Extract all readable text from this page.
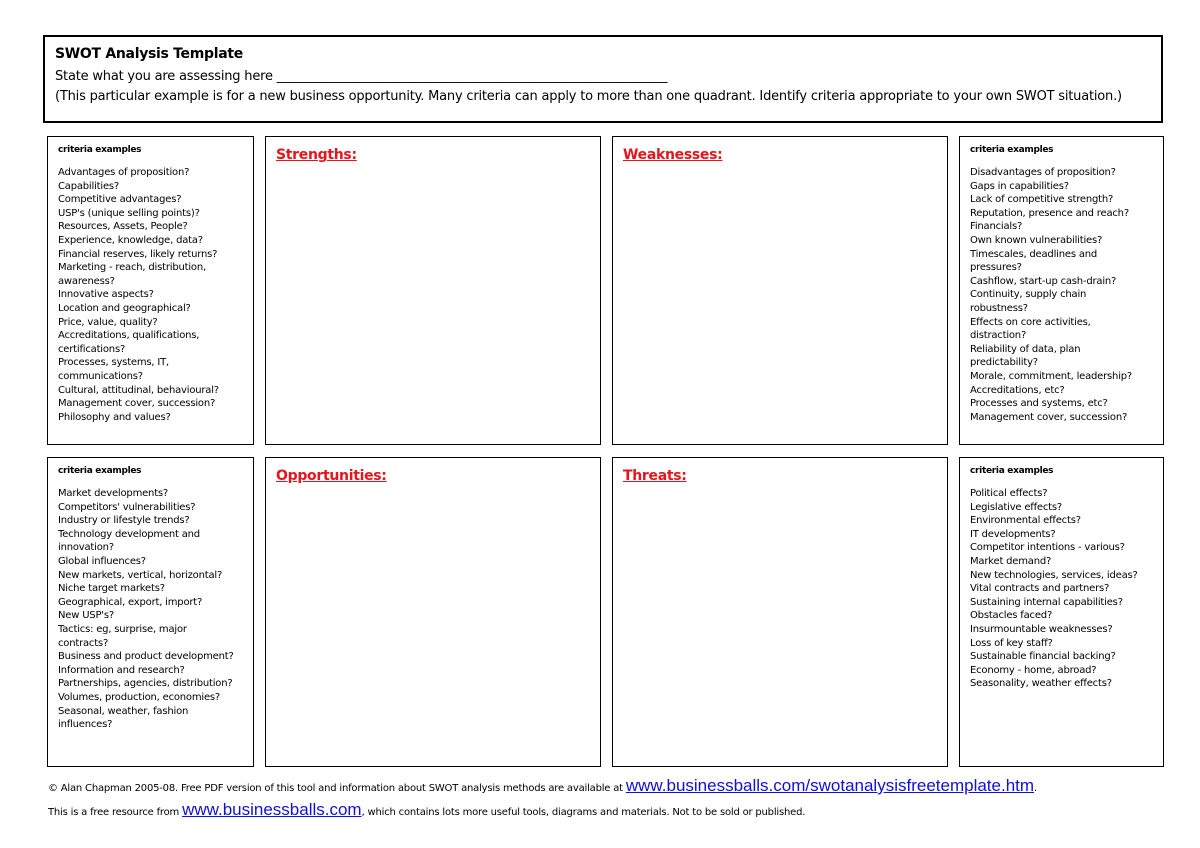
SWOT Analysis Template
State what you are assessing here ______________________________________________________________
(This particular example is for a new business opportunity. Many criteria can apply to more than one quadrant. Identify criteria appropriate to your own SWOT situation.)
criteria examples
Advantages of proposition?
Capabilities?
Competitive advantages?
USP's (unique selling points)?
Resources, Assets, People?
Experience, knowledge, data?
Financial reserves, likely returns?
Marketing - reach, distribution,
awareness?
Innovative aspects?
Location and geographical?
Price, value, quality?
Accreditations, qualifications,
certifications?
Processes, systems, IT,
communications?
Cultural, attitudinal, behavioural?
Management cover, succession?
Philosophy and values?
Strengths:	Weaknesses:	criteria examples
Disadvantages of proposition?
Gaps in capabilities?
Lack of competitive strength?
Reputation, presence and reach?
Financials?
Own known vulnerabilities?
Timescales, deadlines and
pressures?
Cashflow, start-up cash-drain?
Continuity, supply chain
robustness?
Effects on core activities,
distraction?
Reliability of data, plan
predictability?
Morale, commitment, leadership?
Accreditations, etc?
Processes and systems, etc?
Management cover, succession?
criteria examples
Market developments?
Competitors' vulnerabilities?
Industry or lifestyle trends?
Technology development and
innovation?
Global influences?
New markets, vertical, horizontal?
Niche target markets?
Geographical, export, import?
New USP's?
Tactics: eg, surprise, major
contracts?
Business and product development?
Information and research?
Partnerships, agencies, distribution?
Volumes, production, economies?
Seasonal, weather, fashion
influences?
Opportunities:	Threats:	criteria examples
Political effects?
Legislative effects?
Environmental effects?
IT developments?
Competitor intentions - various?
Market demand?
New technologies, services, ideas?
Vital contracts and partners?
Sustaining internal capabilities?
Obstacles faced?
Insurmountable weaknesses?
Loss of key staff?
Sustainable financial backing?
Economy - home, abroad?
Seasonality, weather effects?
© Alan Chapman 2005-08. Free PDF version of this tool and information about SWOT analysis methods are available at www.businessballs.com/swotanalysisfreetemplate.htm.
This is a free resource from www.businessballs.com, which contains lots more useful tools, diagrams and materials. Not to be sold or published.
